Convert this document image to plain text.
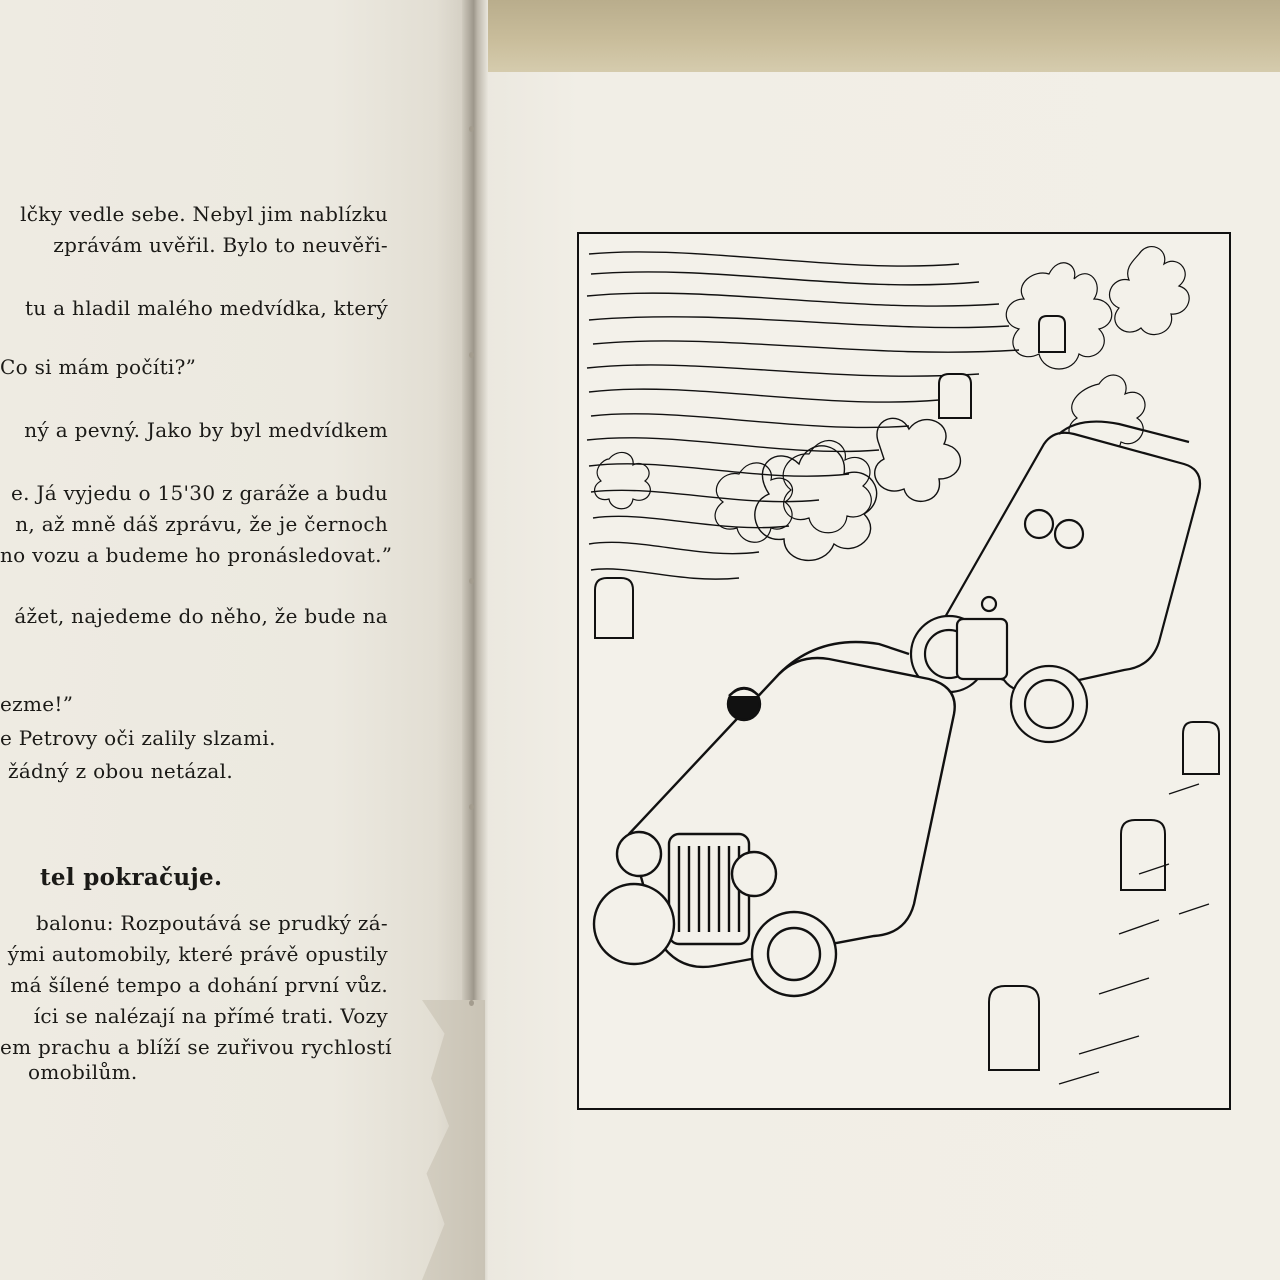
lčky vedle sebe. Nebyl jim nablízku
zprávám uvěřil. Bylo to neuvěři-
tu a hladil malého medvídka, který
Co si mám počíti?”
ný a pevný. Jako by byl medvídkem
e. Já vyjedu o 15'30 z garáže a budu
n, až mně dáš zprávu, že je černoch
no vozu a budeme ho pronásledovat.”
ážet, najedeme do něho, že bude na
ezme!”
e Petrovy oči zalily slzami.
žádný z obou netázal.
tel pokračuje.
balonu: Rozpoutává se prudký zá-
ými automobily, které právě opustily
má šílené tempo a dohání první vůz.
íci se nalézají na přímé trati. Vozy
em prachu a blíží se zuřivou rychlostí
omobilům.
